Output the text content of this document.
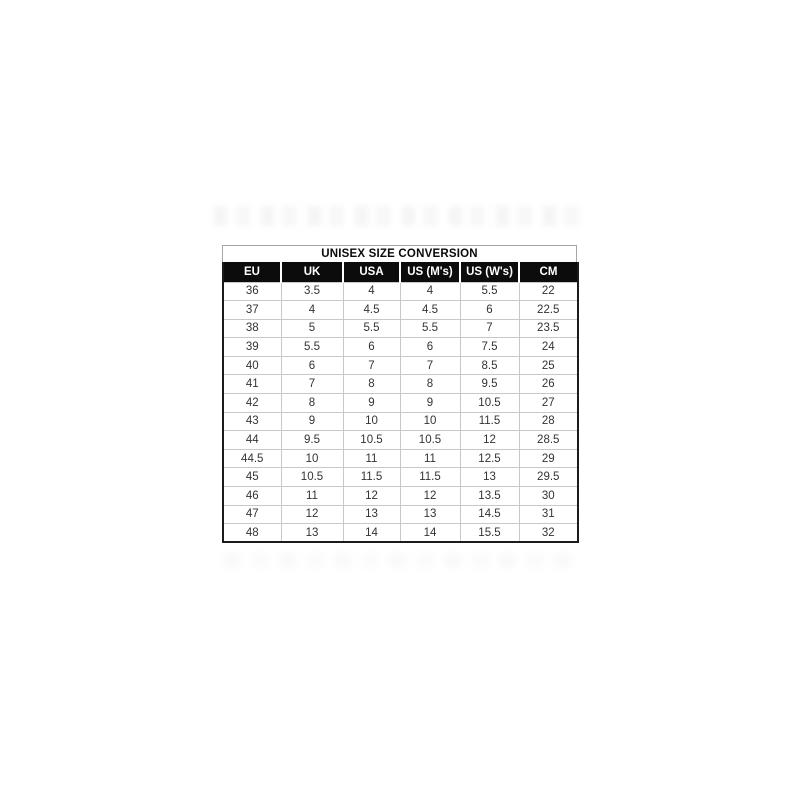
UNISEX SIZE CONVERSION
EU	UK	USA	US (M's)	US (W's)	CM
36	3.5	4	4	5.5	22
37	4	4.5	4.5	6	22.5
38	5	5.5	5.5	7	23.5
39	5.5	6	6	7.5	24
40	6	7	7	8.5	25
41	7	8	8	9.5	26
42	8	9	9	10.5	27
43	9	10	10	11.5	28
44	9.5	10.5	10.5	12	28.5
44.5	10	11	11	12.5	29
45	10.5	11.5	11.5	13	29.5
46	11	12	12	13.5	30
47	12	13	13	14.5	31
48	13	14	14	15.5	32
